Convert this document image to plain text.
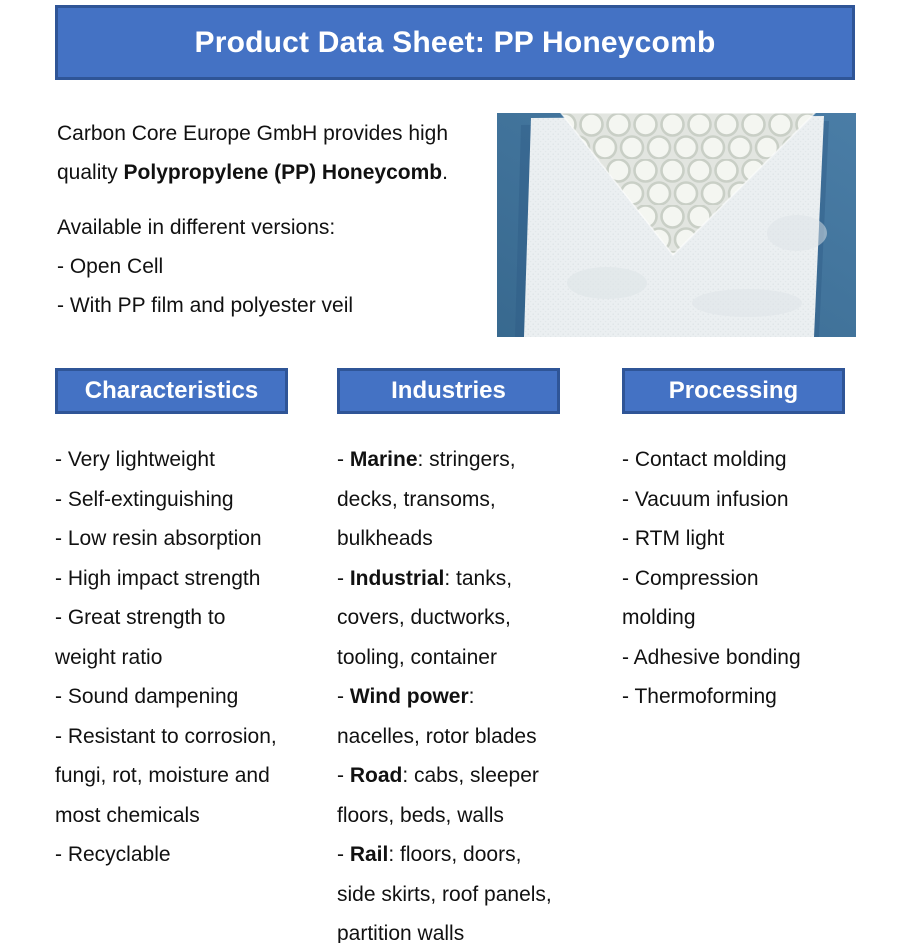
Product Data Sheet: PP Honeycomb
Carbon Core Europe GmbH provides high quality Polypropylene (PP) Honeycomb.
Available in different versions:
- Open Cell
- With PP film and polyester veil
Characteristics
- Very lightweight
- Self-extinguishing
- Low resin absorption
- High impact strength
- Great strength to weight ratio
- Sound dampening
- Resistant to corrosion, fungi, rot, moisture and most chemicals
- Recyclable
Industries
- Marine: stringers, decks, transoms, bulkheads
- Industrial: tanks, covers, ductworks, tooling, container
- Wind power: nacelles, rotor blades
- Road: cabs, sleeper floors, beds, walls
- Rail: floors, doors, side skirts, roof panels, partition walls
Processing
- Contact molding
- Vacuum infusion
- RTM light
- Compression molding
- Adhesive bonding
- Thermoforming
